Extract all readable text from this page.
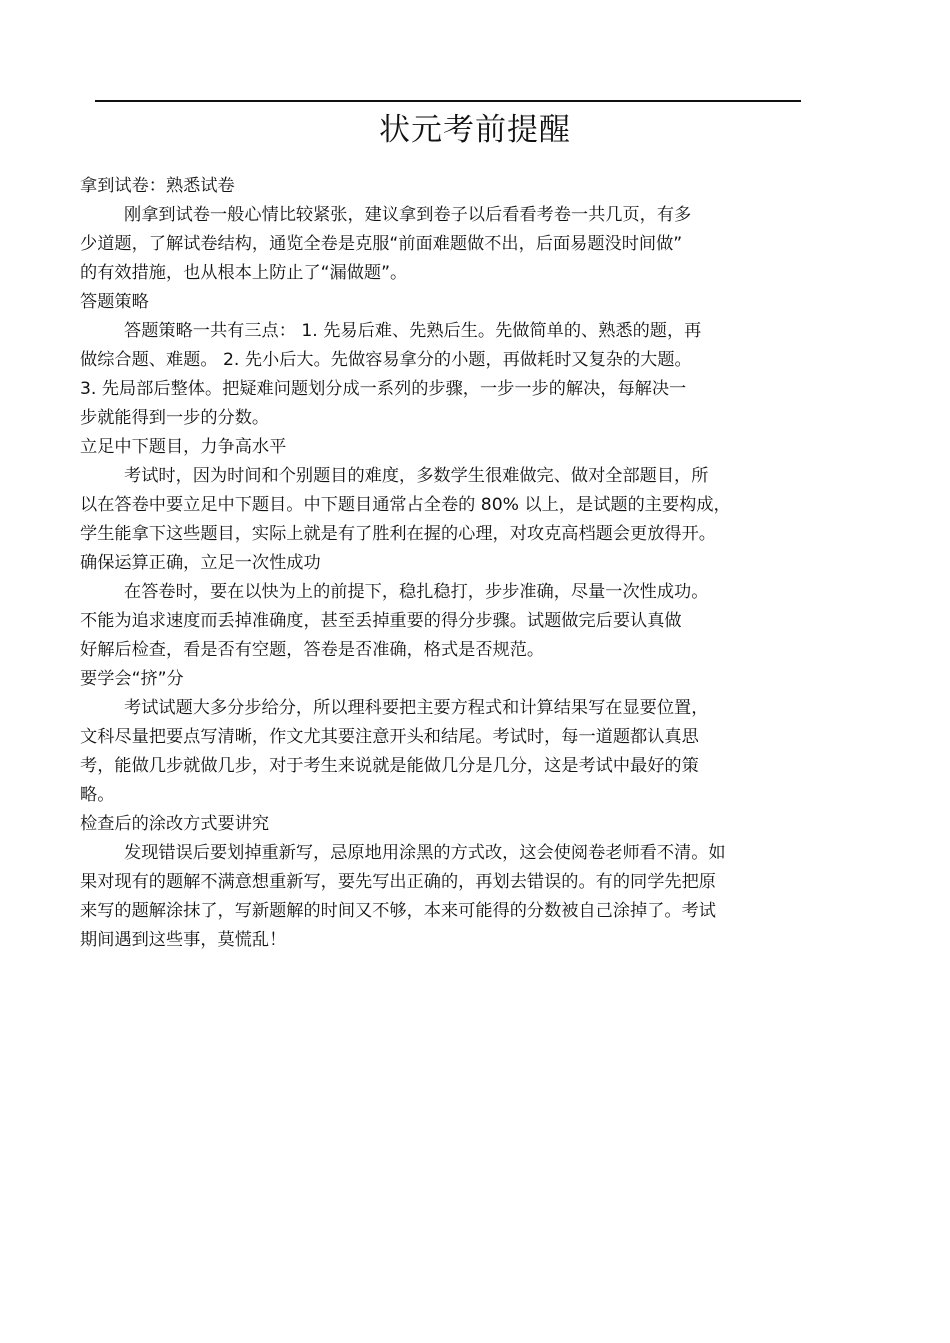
状元考前提醒
拿到试卷：熟悉试卷
刚拿到试卷一般心情比较紧张，建议拿到卷子以后看看考卷一共几页，有多
少道题，了解试卷结构，通览全卷是克服“前面难题做不出，后面易题没时间做”
的有效措施，也从根本上防止了“漏做题”。
答题策略
答题策略一共有三点： 1. 先易后难、先熟后生。先做简单的、熟悉的题，再
做综合题、难题。 2. 先小后大。先做容易拿分的小题，再做耗时又复杂的大题。
3. 先局部后整体。把疑难问题划分成一系列的步骤，一步一步的解决，每解决一
步就能得到一步的分数。
立足中下题目，力争高水平
考试时，因为时间和个别题目的难度，多数学生很难做完、做对全部题目，所
以在答卷中要立足中下题目。中下题目通常占全卷的 80% 以上，是试题的主要构成，
学生能拿下这些题目，实际上就是有了胜利在握的心理，对攻克高档题会更放得开。
确保运算正确，立足一次性成功
在答卷时，要在以快为上的前提下，稳扎稳打，步步准确，尽量一次性成功。
不能为追求速度而丢掉准确度，甚至丢掉重要的得分步骤。试题做完后要认真做
好解后检查，看是否有空题，答卷是否准确，格式是否规范。
要学会“挤”分
考试试题大多分步给分，所以理科要把主要方程式和计算结果写在显要位置，
文科尽量把要点写清晰，作文尤其要注意开头和结尾。考试时，每一道题都认真思
考，能做几步就做几步，对于考生来说就是能做几分是几分，这是考试中最好的策
略。
检查后的涂改方式要讲究
发现错误后要划掉重新写，忌原地用涂黑的方式改，这会使阅卷老师看不清。如
果对现有的题解不满意想重新写，要先写出正确的，再划去错误的。有的同学先把原
来写的题解涂抹了，写新题解的时间又不够，本来可能得的分数被自己涂掉了。考试
期间遇到这些事，莫慌乱！
